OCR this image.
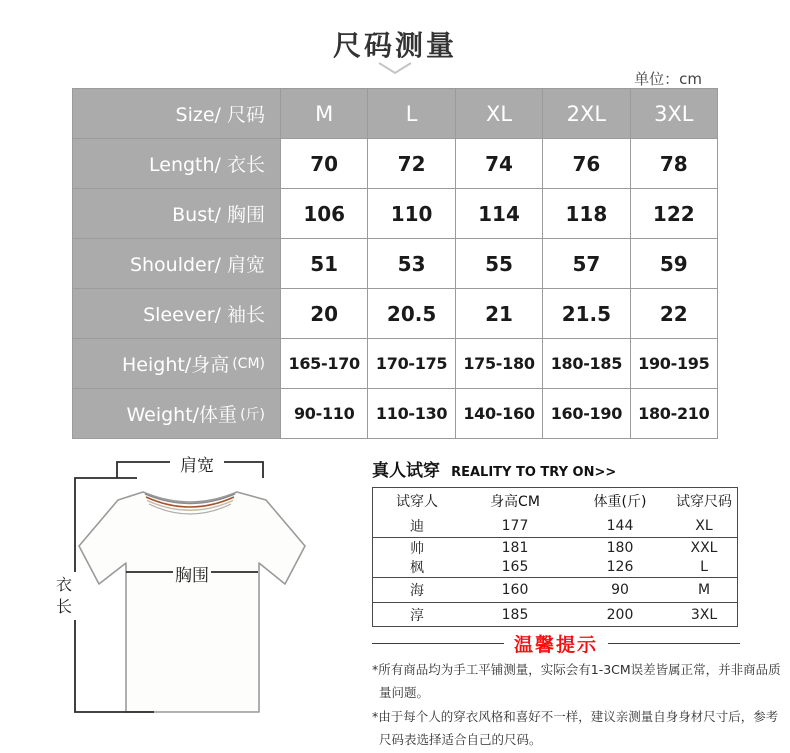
尺码测量
单位：cm
Size/ 尺码	M	L	XL	2XL	3XL
Length/ 衣长	70	72	74	76	78
Bust/ 胸围	106	110	114	118	122
Shoulder/ 肩宽	51	53	55	57	59
Sleever/ 袖长	20	20.5	21	21.5	22
Height/身高 (CM)	165-170	170-175	175-180	180-185	190-195
Weight/体重 (斤)	90-110	110-130	140-160	160-190	180-210
肩宽
胸围
衣长
真人试穿 REALITY TO TRY ON>>
试穿人	身高CM	体重(斤)	试穿尺码
迪	177	144	XL
帅	181	180	XXL
枫	165	126	L
海	160	90	M
淳	185	200	3XL
温馨提示

*所有商品均为手工平铺测量，实际会有1-3CM误差皆属正常，并非商品质量问题。

*由于每个人的穿衣风格和喜好不一样，建议亲测量自身身材尺寸后，参考尺码表选择适合自己的尺码。
